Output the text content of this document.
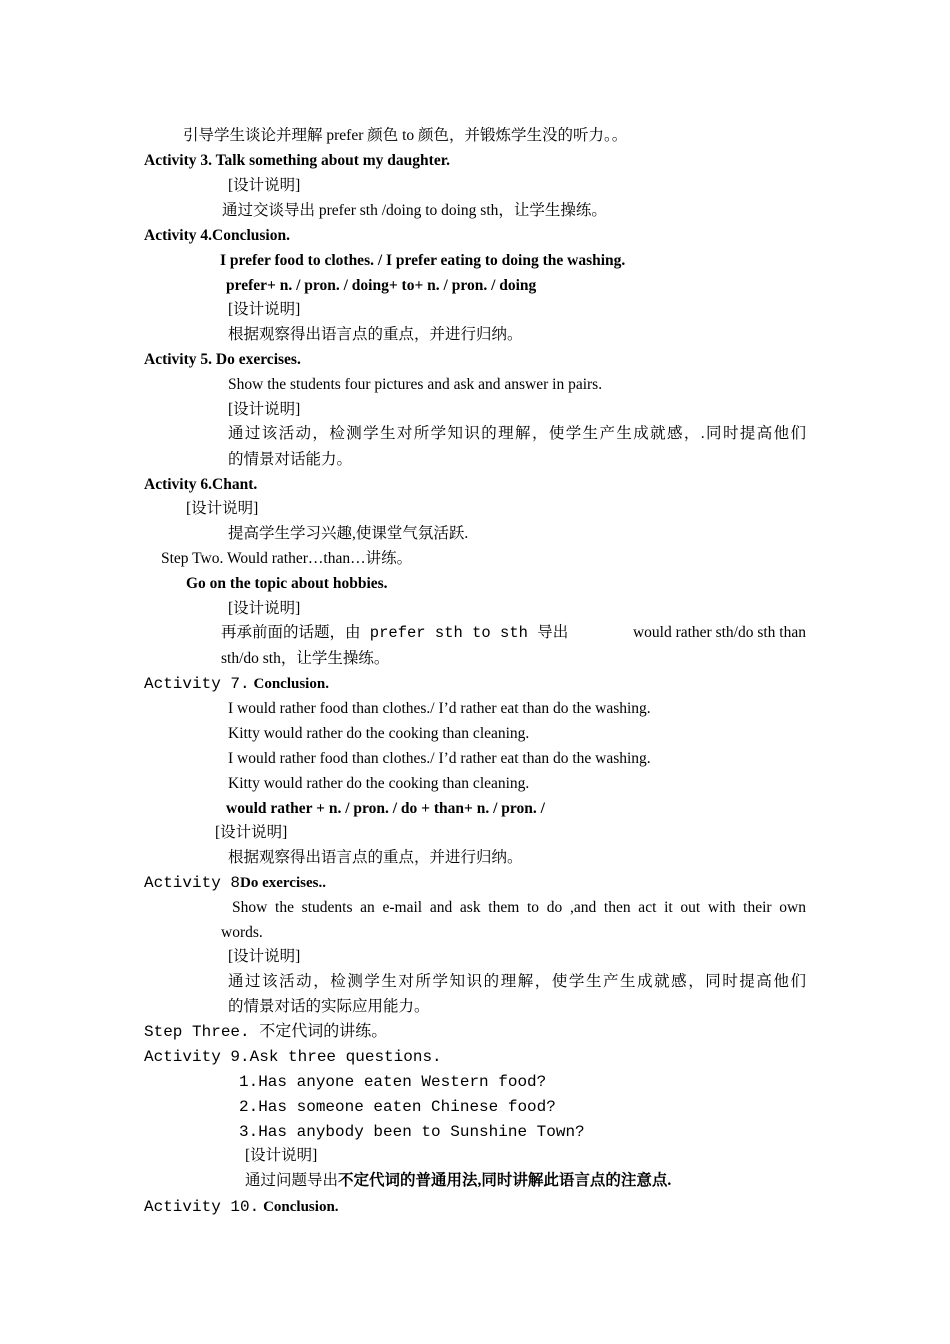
引导学生谈论并理解 prefer 颜色 to 颜色，并锻炼学生没的听力。。
Activity 3. Talk something about my daughter.
[设计说明]
通过交谈导出 prefer sth /doing to doing sth，让学生操练。
Activity 4.Conclusion.
I prefer food to clothes. / I prefer eating to doing the washing.
prefer+ n. / pron. / doing+ to+ n. / pron. / doing
[设计说明]
根据观察得出语言点的重点，并进行归纳。
Activity 5. Do exercises.
Show the students four pictures and ask and answer in pairs.
[设计说明]
通过该活动，检测学生对所学知识的理解，使学生产生成就感，.同时提高他们
的情景对话能力。
Activity 6.Chant.
[设计说明]
提高学生学习兴趣,使课堂气氛活跃.
Step Two. Would rather…than…讲练。
Go on the topic about hobbies.
[设计说明]
再承前面的话题，由 prefer sth to sth 导出	would rather sth/do sth than
sth/do sth，让学生操练。
Activity 7. Conclusion.
I would rather food than clothes./ I’d rather eat than do the washing.
Kitty would rather do the cooking than cleaning.
I would rather food than clothes./ I’d rather eat than do the washing.
Kitty would rather do the cooking than cleaning.
would rather + n. / pron. / do + than+ n. / pron. /
[设计说明]
根据观察得出语言点的重点，并进行归纳。
Activity 8Do exercises..
Show the students an e-mail and ask them to do ,and then act it out with their own
words.
[设计说明]
通过该活动，检测学生对所学知识的理解，使学生产生成就感，同时提高他们
的情景对话的实际应用能力。
Step Three. 不定代词的讲练。
Activity 9.Ask three questions.
1.Has anyone eaten Western food?
2.Has someone eaten Chinese food?
3.Has anybody been to Sunshine Town?
[设计说明]
通过问题导出不定代词的普通用法,同时讲解此语言点的注意点.
Activity 10. Conclusion.
